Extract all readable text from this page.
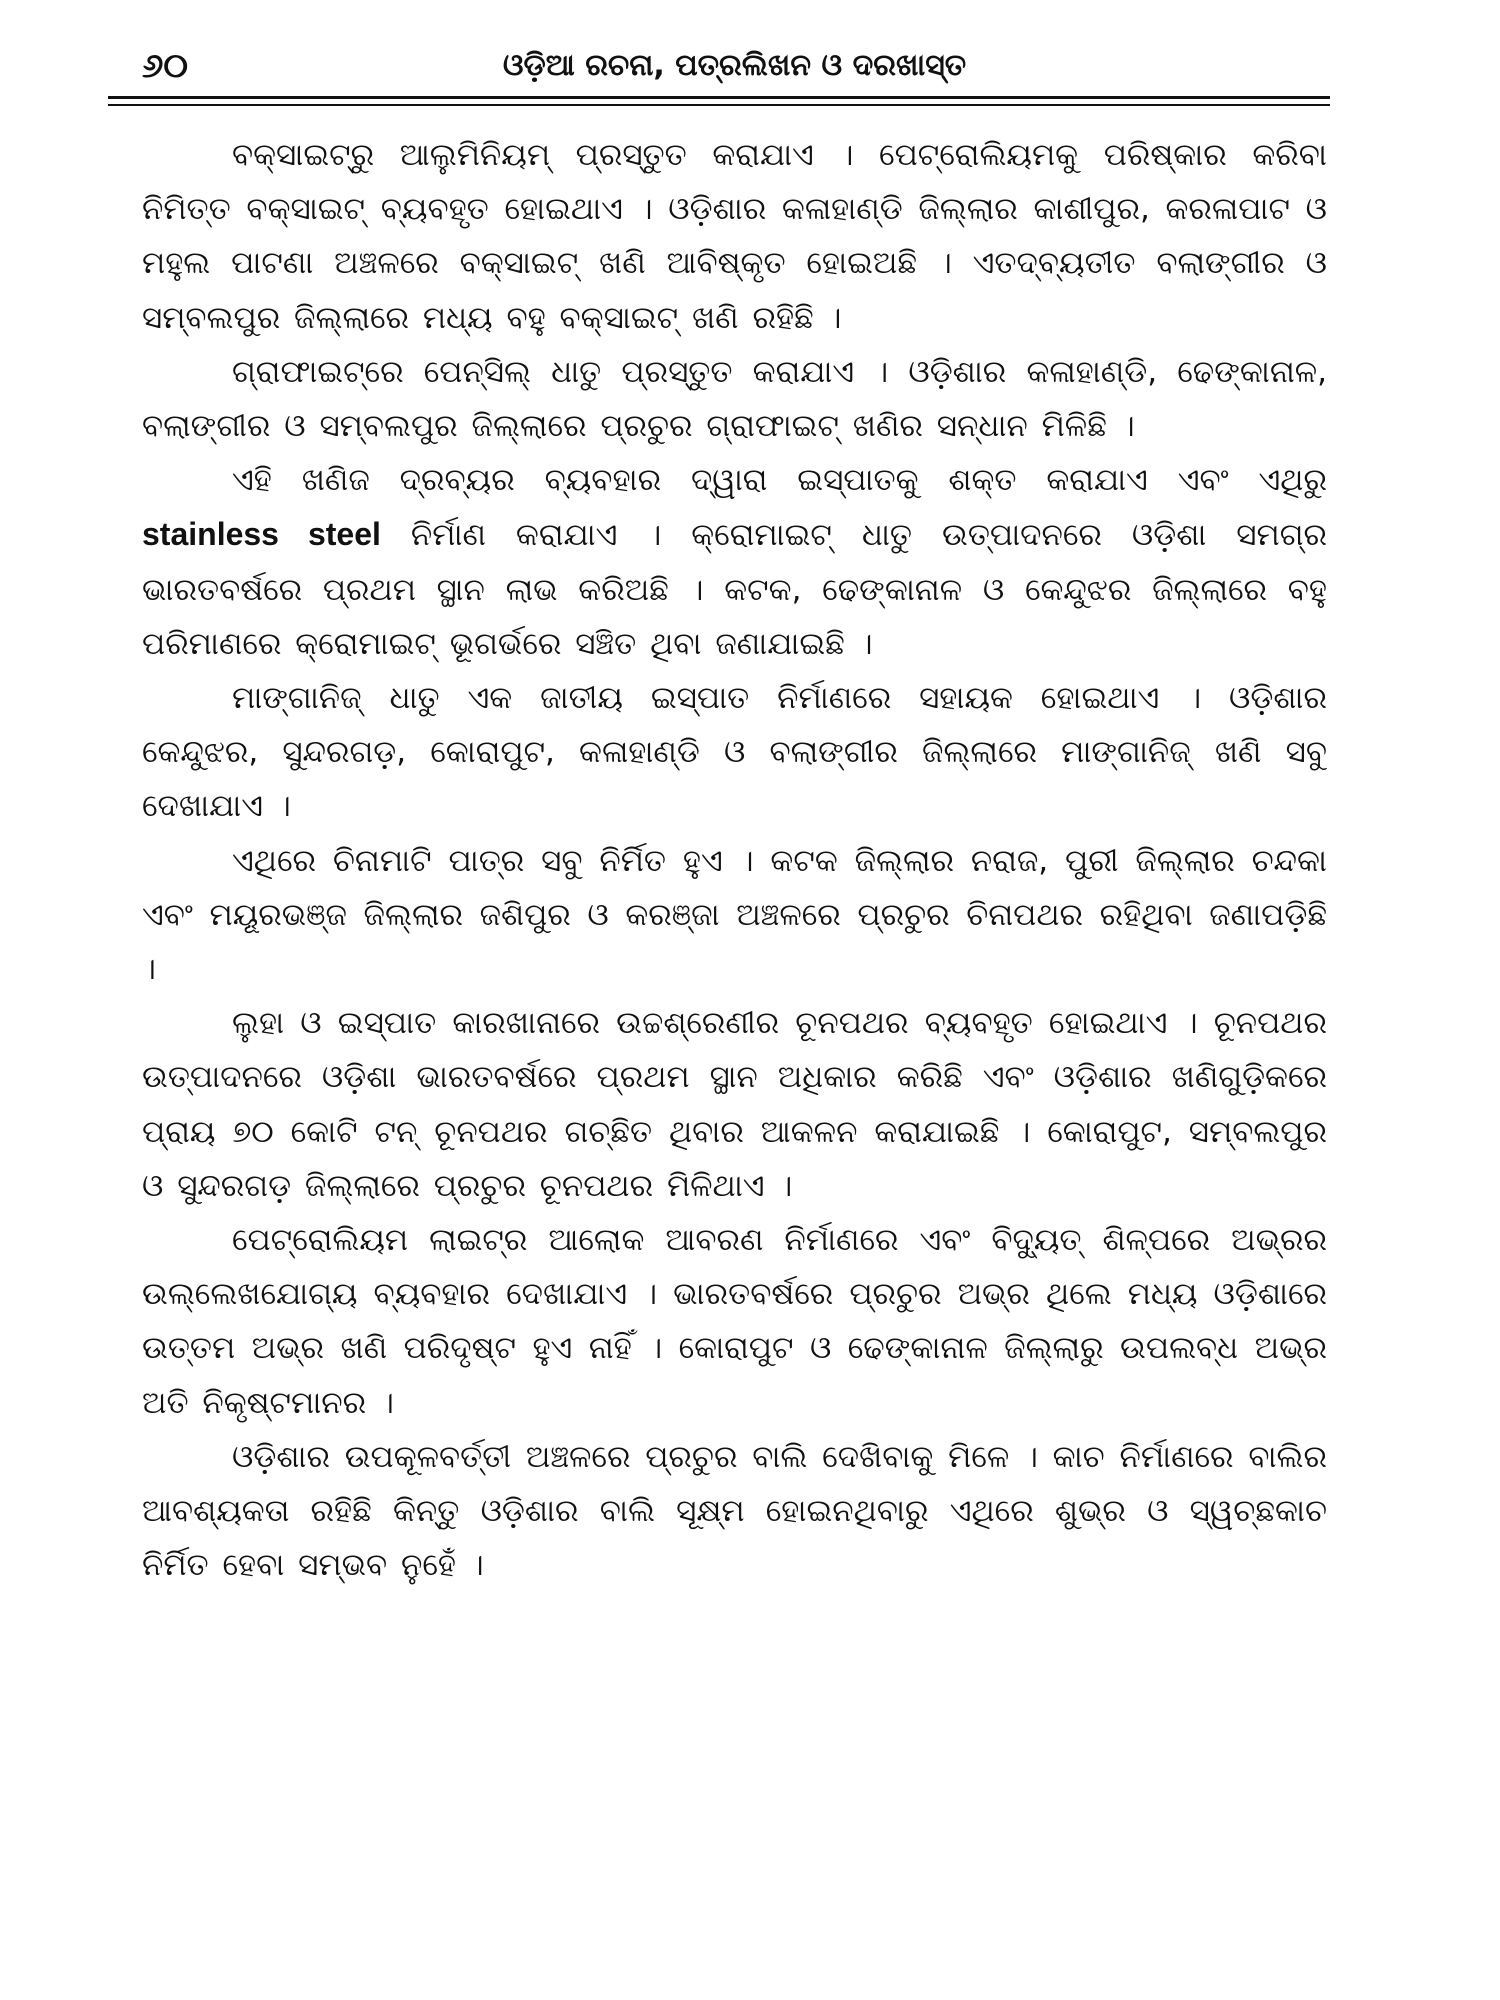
୬୦	ଓଡ଼ିଆ ରଚନା, ପତ୍ରଲିଖନ ଓ ଦରଖାସ୍ତ

ବକ୍‌ସାଇଟ୍‌ରୁ ଆଲୁମିନିୟମ୍ ପ୍ରସ୍ତୁତ କରାଯାଏ । ପେଟ୍ରୋଲିୟମକୁ ପରିଷ୍କାର କରିବା ନିମିତ୍ତ ବକ୍‌ସାଇଟ୍ ବ୍ୟବହୃତ ହୋଇଥାଏ । ଓଡ଼ିଶାର କଳାହାଣ୍ଡି ଜିଲ୍ଲାର କାଶୀପୁର, କରଳାପାଟ ଓ ମହୁଲ ପାଟଣା ଅଞ୍ଚଳରେ ବକ୍‌ସାଇଟ୍ ଖଣି ଆବିଷ୍କୃତ ହୋଇଅଛି । ଏତଦ୍‌ବ୍ୟତୀତ ବଲାଙ୍ଗୀର ଓ ସମ୍ବଲପୁର ଜିଲ୍ଲାରେ ମଧ୍ୟ ବହୁ ବକ୍‌ସାଇଟ୍ ଖଣି ରହିଛି ।

ଗ୍ରାଫାଇଟ୍‌ରେ ପେନ୍‌ସିଲ୍ ଧାତୁ ପ୍ରସ୍ତୁତ କରାଯାଏ । ଓଡ଼ିଶାର କଳାହାଣ୍ଡି, ଢେଙ୍କାନାଳ, ବଲାଙ୍ଗୀର ଓ ସମ୍ବଲପୁର ଜିଲ୍ଲାରେ ପ୍ରଚୁର ଗ୍ରାଫାଇଟ୍ ଖଣିର ସନ୍ଧାନ ମିଳିଛି ।

ଏହି ଖଣିଜ ଦ୍ରବ୍ୟର ବ୍ୟବହାର ଦ୍ୱାରା ଇସ୍ପାତକୁ ଶକ୍ତ କରାଯାଏ ଏବଂ ଏଥିରୁ stainless steel ନିର୍ମାଣ କରାଯାଏ । କ୍ରୋମାଇଟ୍ ଧାତୁ ଉତ୍ପାଦନରେ ଓଡ଼ିଶା ସମଗ୍ର ଭାରତବର୍ଷରେ ପ୍ରଥମ ସ୍ଥାନ ଲାଭ କରିଅଛି । କଟକ, ଢେଙ୍କାନାଳ ଓ କେନ୍ଦୁଝର ଜିଲ୍ଲାରେ ବହୁ ପରିମାଣରେ କ୍ରୋମାଇଟ୍ ଭୂଗର୍ଭରେ ସଞ୍ଚିତ ଥିବା ଜଣାଯାଇଛି ।

ମାଙ୍ଗାନିଜ୍ ଧାତୁ ଏକ ଜାତୀୟ ଇସ୍ପାତ ନିର୍ମାଣରେ ସହାୟକ ହୋଇଥାଏ । ଓଡ଼ିଶାର କେନ୍ଦୁଝର, ସୁନ୍ଦରଗଡ଼, କୋରାପୁଟ, କଳାହାଣ୍ଡି ଓ ବଲାଙ୍ଗୀର ଜିଲ୍ଲାରେ ମାଙ୍ଗାନିଜ୍ ଖଣି ସବୁ ଦେଖାଯାଏ ।

ଏଥିରେ ଚିନାମାଟି ପାତ୍ର ସବୁ ନିର୍ମିତ ହୁଏ । କଟକ ଜିଲ୍ଲାର ନରାଜ, ପୁରୀ ଜିଲ୍ଲାର ଚନ୍ଦକା ଏବଂ ମୟୂରଭଞ୍ଜ ଜିଲ୍ଲାର ଜଶିପୁର ଓ କରଞ୍ଜା ଅଞ୍ଚଳରେ ପ୍ରଚୁର ଚିନାପଥର ରହିଥିବା ଜଣାପଡ଼ିଛି ।

ଲୁହା ଓ ଇସ୍ପାତ କାରଖାନାରେ ଉଚ୍ଚଶ୍ରେଣୀର ଚୂନପଥର ବ୍ୟବହୃତ ହୋଇଥାଏ । ଚୂନପଥର ଉତ୍ପାଦନରେ ଓଡ଼ିଶା ଭାରତବର୍ଷରେ ପ୍ରଥମ ସ୍ଥାନ ଅଧିକାର କରିଛି ଏବଂ ଓଡ଼ିଶାର ଖଣିଗୁଡ଼ିକରେ ପ୍ରାୟ ୭୦ କୋଟି ଟନ୍ ଚୂନପଥର ଗଚ୍ଛିତ ଥିବାର ଆକଳନ କରାଯାଇଛି । କୋରାପୁଟ, ସମ୍ବଲପୁର ଓ ସୁନ୍ଦରଗଡ଼ ଜିଲ୍ଲାରେ ପ୍ରଚୁର ଚୂନପଥର ମିଳିଥାଏ ।

ପେଟ୍ରୋଲିୟମ ଲାଇଟ୍‌ର ଆଲୋକ ଆବରଣ ନିର୍ମାଣରେ ଏବଂ ବିଦ୍ୟୁତ୍ ଶିଳ୍ପରେ ଅଭ୍ରର ଉଲ୍ଲେଖଯୋଗ୍ୟ ବ୍ୟବହାର ଦେଖାଯାଏ । ଭାରତବର୍ଷରେ ପ୍ରଚୁର ଅଭ୍ର ଥିଲେ ମଧ୍ୟ ଓଡ଼ିଶାରେ ଉତ୍ତମ ଅଭ୍ର ଖଣି ପରିଦୃଷ୍ଟ ହୁଏ ନାହିଁ । କୋରାପୁଟ ଓ ଢେଙ୍କାନାଳ ଜିଲ୍ଲାରୁ ଉପଲବ୍ଧ ଅଭ୍ର ଅତି ନିକୃଷ୍ଟମାନର ।

ଓଡ଼ିଶାର ଉପକୂଳବର୍ତ୍ତୀ ଅଞ୍ଚଳରେ ପ୍ରଚୁର ବାଲି ଦେଖିବାକୁ ମିଳେ । କାଚ ନିର୍ମାଣରେ ବାଲିର ଆବଶ୍ୟକତା ରହିଛି କିନ୍ତୁ ଓଡ଼ିଶାର ବାଲି ସୂକ୍ଷ୍ମ ହୋଇନଥିବାରୁ ଏଥିରେ ଶୁଭ୍ର ଓ ସ୍ୱଚ୍ଛକାଚ ନିର୍ମିତ ହେବା ସମ୍ଭବ ନୁହେଁ ।
